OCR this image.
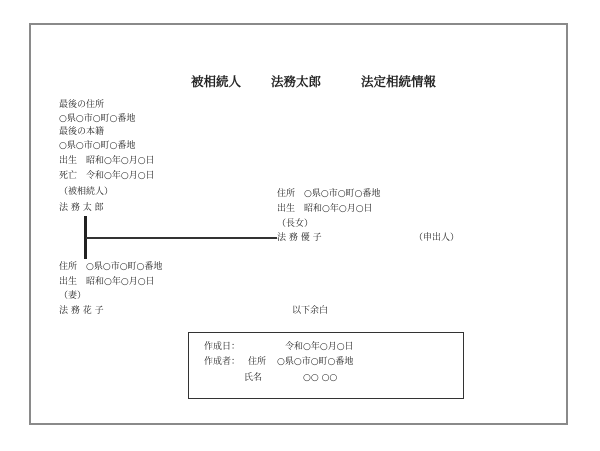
被相続人 法務太郎	法定相続情報
最後の住所
○県○市○町○番地
最後の本籍
○県○市○町○番地
出生　昭和○年○月○日
死亡　令和○年○月○日
（被相続人）
法 務 太 郎
住所　○県○市○町○番地
出生　昭和○年○月○日
（長女）
法 務 優 子	（申出人）
住所　○県○市○町○番地
出生　昭和○年○月○日
（妻）
法 務 花 子	以下余白
作成日：	令和○年○月○日
作成者： 住所 ○県○市○町○番地
氏名	○○ ○○
